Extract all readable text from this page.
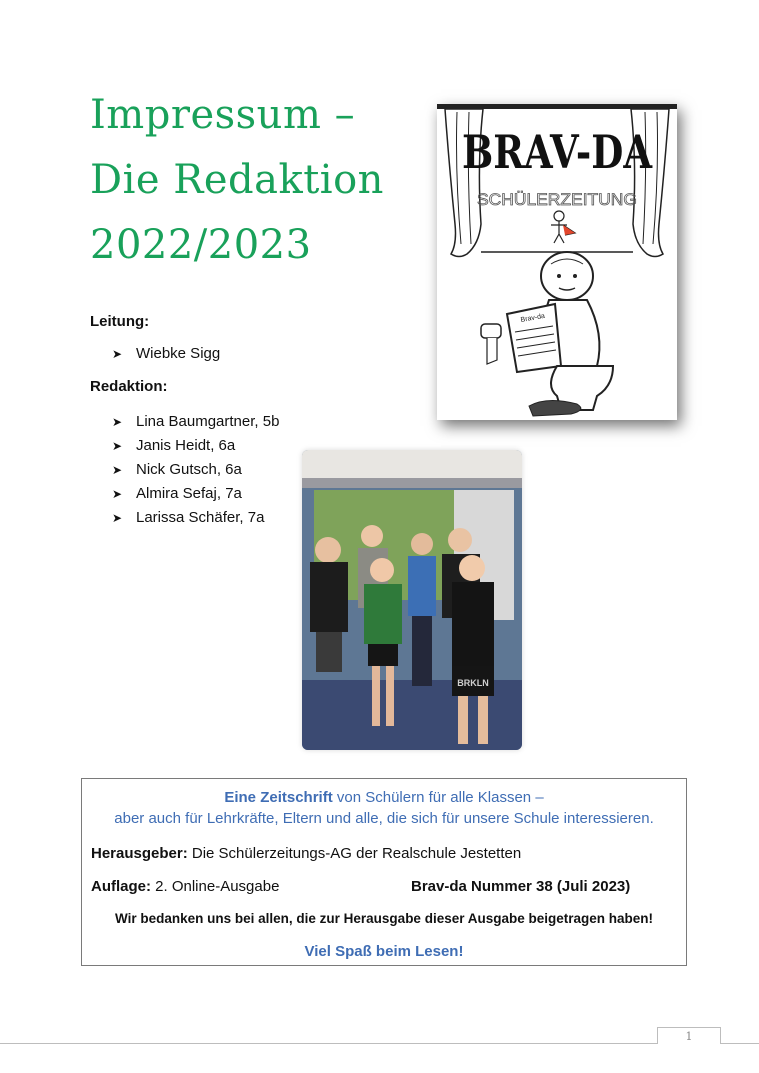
Impressum –
Die Redaktion
2022/2023
Leitung:
➤ Wiebke Sigg
Redaktion:
➤ Lina Baumgartner, 5b
➤ Janis Heidt, 6a
➤ Nick Gutsch, 6a
➤ Almira Sefaj, 7a
➤ Larissa Schäfer, 7a
BRAV-DA
SCHÜLERZEITUNG
Brav-da
BRKLN
Eine Zeitschrift von Schülern für alle Klassen –
aber auch für Lehrkräfte, Eltern und alle, die sich für unsere Schule interessieren.
Herausgeber: Die Schülerzeitungs-AG der Realschule Jestetten
Auflage: 2. Online-Ausgabe	Brav-da Nummer 38 (Juli 2023)
Wir bedanken uns bei allen, die zur Herausgabe dieser Ausgabe beigetragen haben!
Viel Spaß beim Lesen!
1
